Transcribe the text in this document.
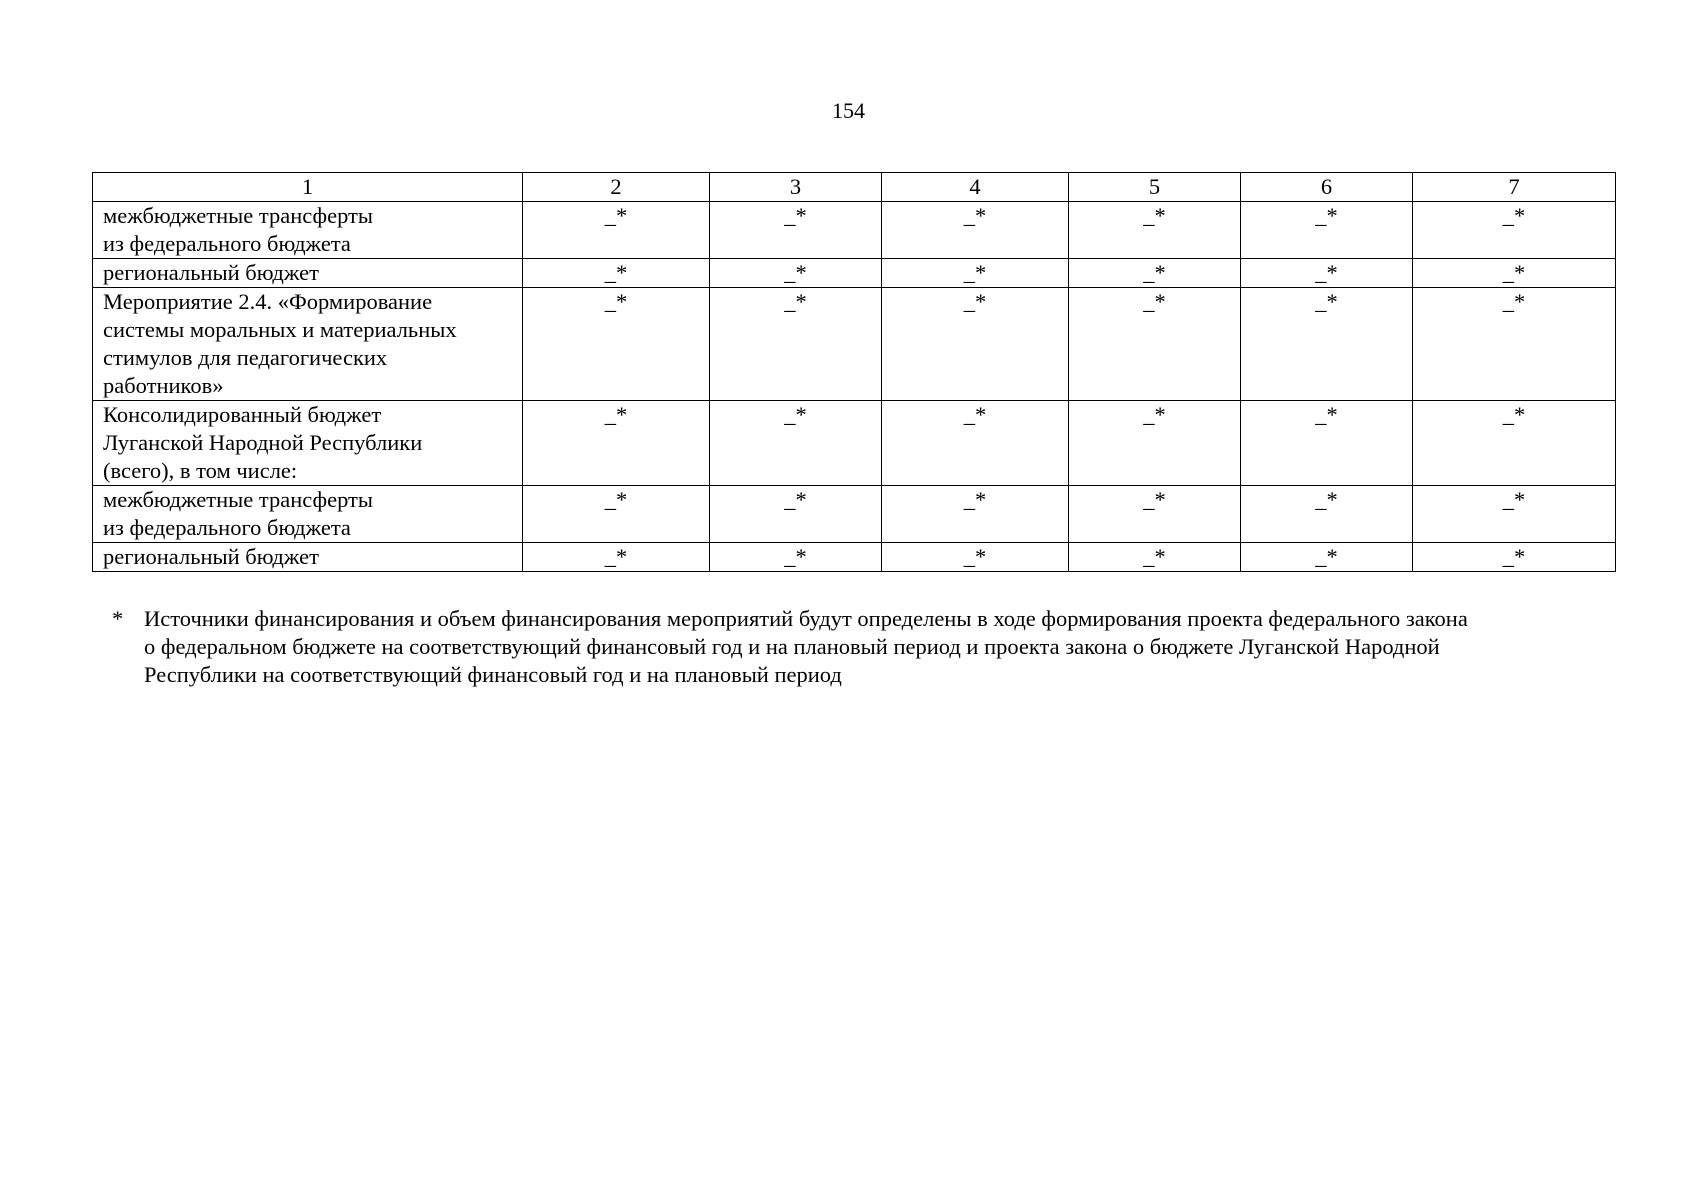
154
1	2	3	4	5	6	7

межбюджетные трансферты
из федерального бюджета	_*	_*	_*	_*	_*	_*

региональный бюджет	_*	_*	_*	_*	_*	_*

Мероприятие 2.4. «Формирование
системы моральных и материальных
стимулов для педагогических
работников»	_*	_*	_*	_*	_*	_*

Консолидированный бюджет
Луганской Народной Республики
(всего), в том числе:	_*	_*	_*	_*	_*	_*

межбюджетные трансферты
из федерального бюджета	_*	_*	_*	_*	_*	_*

региональный бюджет	_*	_*	_*	_*	_*	_*
* Источники финансирования и объем финансирования мероприятий будут определены в ходе формирования проекта федерального закона
о федеральном бюджете на соответствующий финансовый год и на плановый период и проекта закона о бюджете Луганской Народной
Республики на соответствующий финансовый год и на плановый период
